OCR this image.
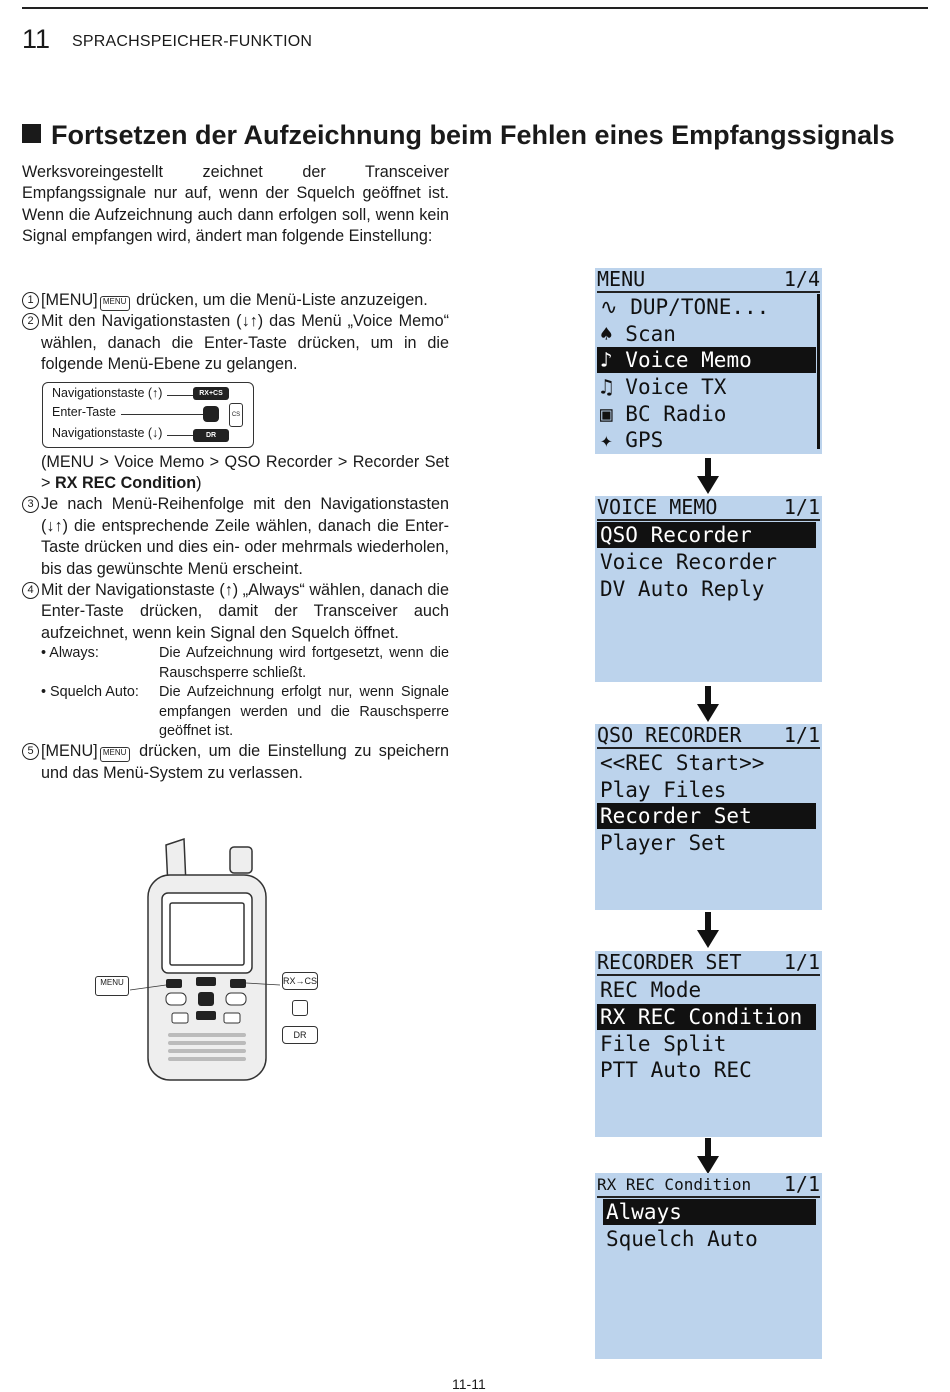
11 SPRACHSPEICHER-FUNKTION
Fortsetzen der Aufzeichnung beim Fehlen eines Empfangssignals
Werksvoreingestellt zeichnet der Transceiver Empfangssignale nur auf, wenn der Squelch geöffnet ist. Wenn die Aufzeichnung auch dann erfolgen soll, wenn kein Signal empfangen wird, ändert man folgende Einstellung:
1
[MENU] MENU drücken, um die Menü-Liste anzuzeigen.
2
Mit den Navigationstasten (↓↑) das Menü „Voice Memo“ wählen, danach die Enter-Taste drücken, um in die folgende Menü-Ebene zu gelangen.
(MENU > Voice Memo > QSO Recorder > Recorder Set > RX REC Condition)
3
Je nach Menü-Reihenfolge mit den Navigationstasten (↓↑) die entsprechende Zeile wählen, danach die Enter-Taste drücken und dies ein- oder mehrmals wiederholen, bis das gewünschte Menü erscheint.
4
Mit der Navigationstaste (↑) „Always“ wählen, danach die Enter-Taste drücken, damit der Transceiver auch aufzeichnet, wenn kein Signal den Squelch öffnet.
• Always:	Die Aufzeichnung wird fortgesetzt, wenn die Rauschsperre schließt.
• Squelch Auto:	Die Aufzeichnung erfolgt nur, wenn Signale empfangen werden und die Rauschsperre geöffnet ist.
5
[MENU] MENU drücken, um die Einstellung zu speichern und das Menü-System zu verlassen.
Navigationstaste (↑)
Enter-Taste
Navigationstaste (↓)
RX+CS
DR
CS
MENU	RX→CS
DR
MENU	1/4
∿ DUP/TONE...
♠ Scan
♪ Voice Memo
♫ Voice TX
▣ BC Radio
✦ GPS
VOICE MEMO	1/1
QSO Recorder
Voice Recorder
DV Auto Reply
QSO RECORDER 1/1
<<REC Start>>
Play Files
Recorder Set
Player Set
RECORDER SET 1/1
REC Mode
RX REC Condition
File Split
PTT Auto REC
RX REC Condition 1/1
Always
Squelch Auto
11-11
